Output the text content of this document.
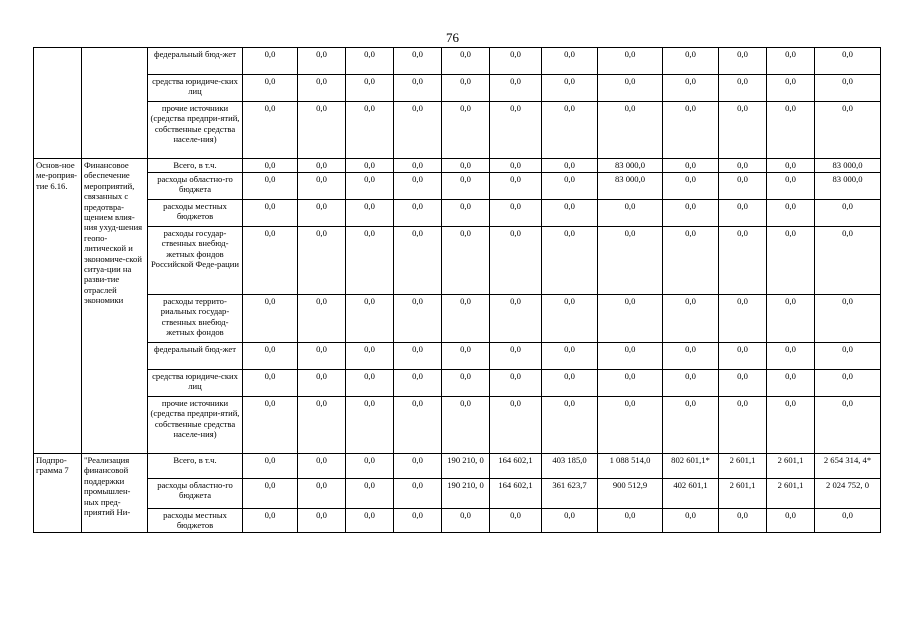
76
		федеральный бюд-жет	0,0	0,0	0,0	0,0	0,0	0,0	0,0	0,0	0,0	0,0	0,0	0,0
		средства юридиче-ских лиц	0,0	0,0	0,0	0,0	0,0	0,0	0,0	0,0	0,0	0,0	0,0	0,0
		прочие источники (средства предпри-ятий, собственные средства населе-ния)	0,0	0,0	0,0	0,0	0,0	0,0	0,0	0,0	0,0	0,0	0,0	0,0
Основ-ное ме-роприя-тие 6.16.	Финансовое обеспечение мероприятий, связанных с предотвра-щением влия-ния ухуд-шения геопо-литической и экономиче-ской ситуа-ции на разви-тие отраслей экономики	Всего, в т.ч.	0,0	0,0	0,0	0,0	0,0	0,0	0,0	83 000,0	0,0	0,0	0,0	83 000,0
		расходы областно-го бюджета	0,0	0,0	0,0	0,0	0,0	0,0	0,0	83 000,0	0,0	0,0	0,0	83 000,0
		расходы местных бюджетов	0,0	0,0	0,0	0,0	0,0	0,0	0,0	0,0	0,0	0,0	0,0	0,0
		расходы государ-ственных внебюд-жетных фондов Российской Феде-рации	0,0	0,0	0,0	0,0	0,0	0,0	0,0	0,0	0,0	0,0	0,0	0,0
		расходы террито-риальных государ-ственных внебюд-жетных фондов	0,0	0,0	0,0	0,0	0,0	0,0	0,0	0,0	0,0	0,0	0,0	0,0
		федеральный бюд-жет	0,0	0,0	0,0	0,0	0,0	0,0	0,0	0,0	0,0	0,0	0,0	0,0
		средства юридиче-ских лиц	0,0	0,0	0,0	0,0	0,0	0,0	0,0	0,0	0,0	0,0	0,0	0,0
		прочие источники (средства предпри-ятий, собственные средства населе-ния)	0,0	0,0	0,0	0,0	0,0	0,0	0,0	0,0	0,0	0,0	0,0	0,0
Подпро-грамма 7	"Реализация финансовой поддержки промышлен-ных пред-приятий Ни-	Всего, в т.ч.	0,0	0,0	0,0	0,0	190 210, 0	164 602,1	403 185,0	1 088 514,0	802 601,1*	2 601,1	2 601,1	2 654 314, 4*
		расходы областно-го бюджета	0,0	0,0	0,0	0,0	190 210, 0	164 602,1	361 623,7	900 512,9	402 601,1	2 601,1	2 601,1	2 024 752, 0
		расходы местных бюджетов	0,0	0,0	0,0	0,0	0,0	0,0	0,0	0,0	0,0	0,0	0,0	0,0
